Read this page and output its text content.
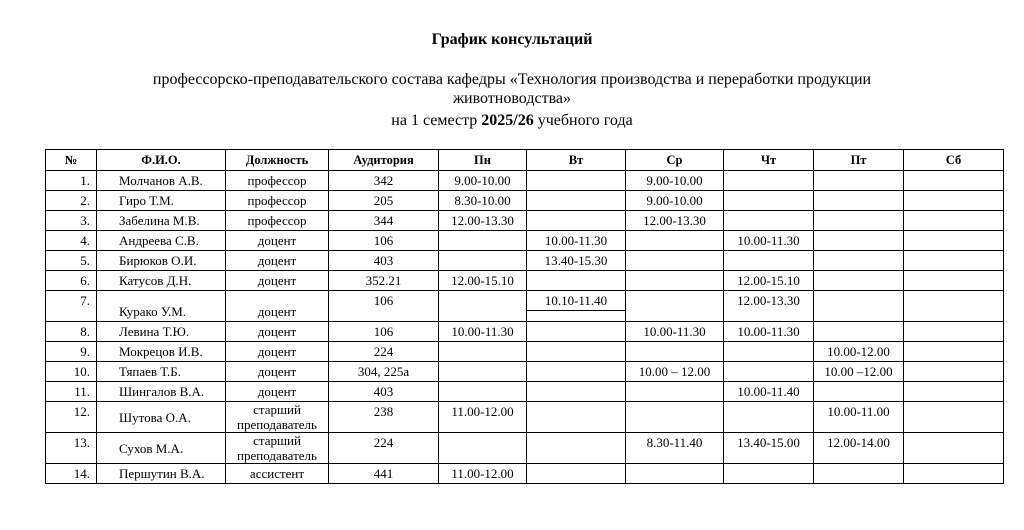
График консультаций
профессорско-преподавательского состава кафедры «Технология производства и переработки продукции животноводства»
на 1 семестр 2025/26 учебного года
№	Ф.И.О.	Должность	Аудитория	Пн	Вт	Ср	Чт	Пт	Сб
1.	Молчанов А.В.	профессор	342	9.00-10.00		9.00-10.00			
2.	Гиро Т.М.	профессор	205	8.30-10.00		9.00-10.00			
3.	Забелина М.В.	профессор	344	12.00-13.30		12.00-13.30			
4.	Андреева С.В.	доцент	106		10.00-11.30		10.00-11.30		
5.	Бирюков О.И.	доцент	403		13.40-15.30				
6.	Катусов Д.Н.	доцент	352.21	12.00-15.10			12.00-15.10		
7.	Курако У.М.	доцент	106		10.10-11.40		12.00-13.30		
8.	Левина Т.Ю.	доцент	106	10.00-11.30		10.00-11.30	10.00-11.30		
9.	Мокрецов И.В.	доцент	224					10.00-12.00	
10.	Тяпаев Т.Б.	доцент	304, 225а			10.00 – 12.00		10.00 –12.00	
11.	Шингалов В.А.	доцент	403				10.00-11.40		
12.	Шутова О.А.	старший преподаватель	238	11.00-12.00				10.00-11.00	
13.	Сухов М.А.	старший преподаватель	224			8.30-11.40	13.40-15.00	12.00-14.00	
14.	Першутин В.А.	ассистент	441	11.00-12.00					
